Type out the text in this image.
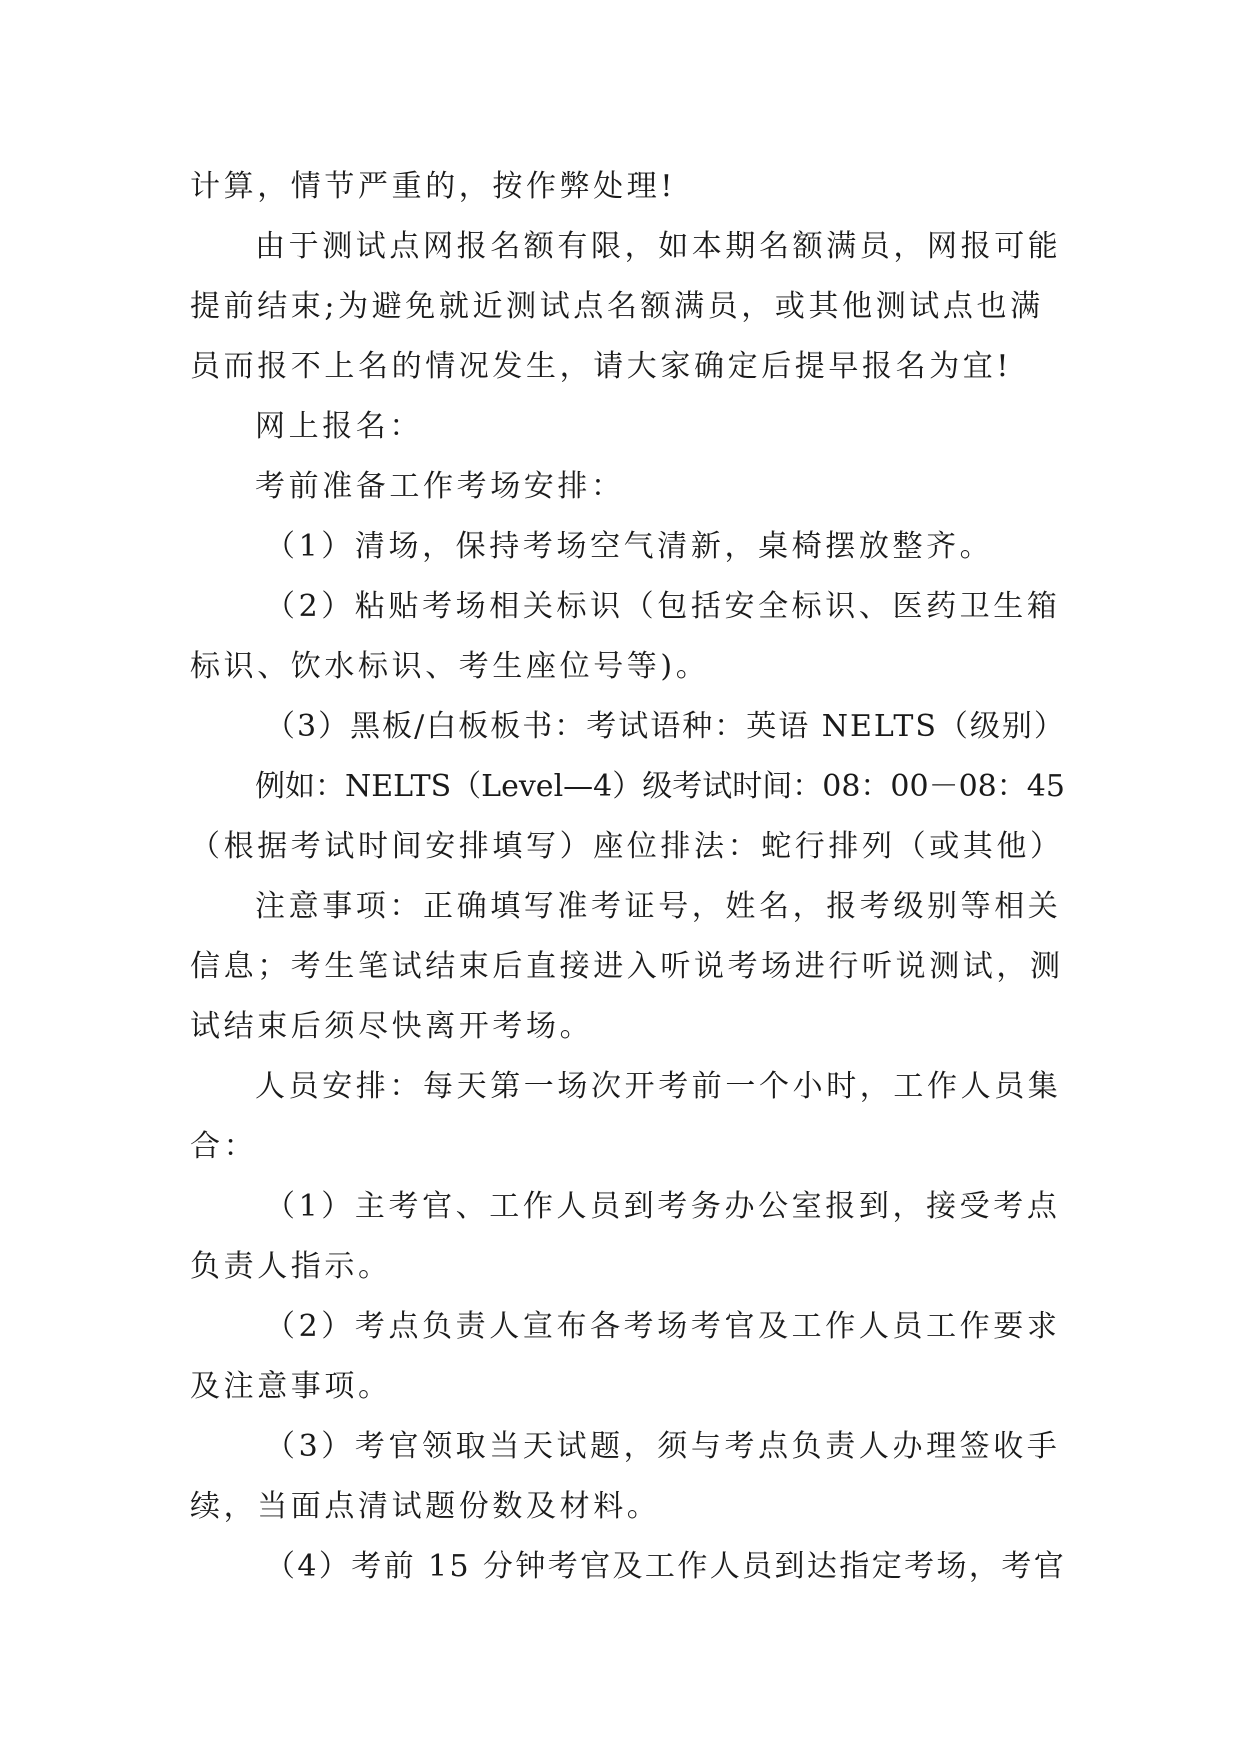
计算，情节严重的，按作弊处理!
由于测试点网报名额有限，如本期名额满员，网报可能
提前结束;为避免就近测试点名额满员，或其他测试点也满
员而报不上名的情况发生，请大家确定后提早报名为宜!
网上报名：
考前准备工作考场安排：
（1）清场，保持考场空气清新，桌椅摆放整齐。
（2）粘贴考场相关标识（包括安全标识、医药卫生箱
标识、饮水标识、考生座位号等)。
（3）黑板/白板板书：考试语种：英语 NELTS（级别）
例如：NELTS（Level—4）级考试时间：08：00－08：45
（根据考试时间安排填写）座位排法：蛇行排列（或其他）
注意事项：正确填写准考证号，姓名，报考级别等相关
信息；考生笔试结束后直接进入听说考场进行听说测试，测
试结束后须尽快离开考场。
人员安排：每天第一场次开考前一个小时，工作人员集
合：
（1）主考官、工作人员到考务办公室报到，接受考点
负责人指示。
（2）考点负责人宣布各考场考官及工作人员工作要求
及注意事项。
（3）考官领取当天试题，须与考点负责人办理签收手
续，当面点清试题份数及材料。
（4）考前 15 分钟考官及工作人员到达指定考场，考官
